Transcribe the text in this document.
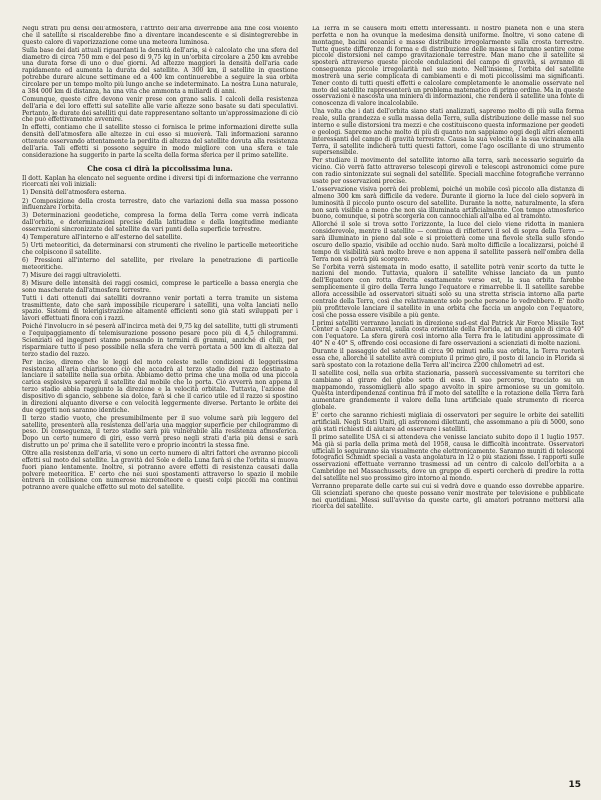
Negli strati più densi dell'atmosfera, l'attrito dell'aria diverrebbe alla fine così violento che il satellite si riscalderebbe fino a diventare incandescente e si disintegrerebbe in questo calore di vaporizzazione come una meteora luminosa.

Sulla base dei dati attuali riguardanti la densità dell'aria, si è calcolato che una sfera del diametro di circa 750 mm e del peso di 9,75 kg in un'orbita circolare a 250 km avrebbe una durata forse di uno o due giorni. Ad altezze maggiori la densità dell'aria cade rapidamente ed aumenta la durata del satellite. A 300 km, il satellite in questione potrebbe durare alcune settimane ed a 400 km continuerebbe a seguire la sua orbita circolare per un tempo molto più lungo anche se indeterminato. La nostra Luna naturale, a 384 000 km di distanza, ha una vita che ammonta a miliardi di anni.

Comunque, queste cifre devono venir prese con grano salis. I calcoli della resistenza dell'aria e dei loro effetti sul satellite alle varie altezze sono basate su dati speculativi. Pertanto, le durate dei satelliti qui date rappresentano soltanto un'approssimazione di ciò che può effettivamente avvenire.

In effetti, contiamo che il satellite stesso ci fornisca le prime informazioni dirette sulla densità dell'atmosfera alle altezze in cui esso si muoverà. Tali informazioni saranno ottenute osservando attentamente la perdita di altezza del satellite dovuta alla resistenza dell'aria. Tali effetti si possono seguire in modo migliore con una sfera e tale considerazione ha suggerito in parte la scelta della forma sferica per il primo satellite.

Che cosa ci dirà la piccolissima luna.

Il dott. Kaplan ha elencato nel seguente ordine i diversi tipi di informazione che verranno ricercati nei voli iniziali:

1) Densità dell'atmosfera esterna.
2) Composizione della crosta terrestre, dato che variazioni della sua massa possono influenzare l'orbita.
3) Determinazioni geodetiche, compresa la forma della Terra come verrà indicata dall'orbita, e determinazioni precise della latitudine e della longitudine mediante osservazioni sincronizzate del satellite da vari punti della superficie terrestre.
4) Temperature all'interno e all'esterno del satellite.
5) Urti meteoritici, da determinarsi con strumenti che rivelino le particelle meteoritiche che colpiscono il satellite.
6) Pressioni all'interno del satellite, per rivelare la penetrazione di particelle meteoritiche.
7) Misure dei raggi ultravioletti.
8) Misure delle intensità dei raggi cosmici, comprese le particelle a bassa energia che sono mascherate dall'atmosfera terrestre.

Tutti i dati ottenuti dai satelliti dovranno venir portati a terra tramite un sistema trasmittente, dato che sarà impossibile ricuperare i satelliti, una volta lanciati nello spazio. Sistemi di telerigistrazione altamente efficienti sono già stati sviluppati per i lavori effettuati finora con i razzi.

Poiché l'involucro in sé peserà all'incirca metà dei 9,75 kg del satellite, tutti gli strumenti e l'equipaggiamento di telemisurazione possono pesare poco più di 4,5 chilogrammi. Scienziati ed ingegneri stanno pensando in termini di grammi, anziché di chili, per risparmiare tutto il peso possibile nella sfera che verrà portata a 500 km di altezza dal terzo stadio del razzo.

Per inciso, diremo che le leggi del moto celeste nelle condizioni di leggerissima resistenza all'aria chiariscono ciò che accadrà al terzo stadio del razzo destinato a lanciare il satellite nella sua orbita. Abbiamo detto prima che una molla od una piccola carica esplosiva separerà il satellite dal mobile che lo porta. Ciò avverrà non appena il terzo stadio abbia raggiunto la direzione e la velocità orbitale. Tuttavia, l'azione del dispositivo di sgancio, sebbene sia dolce, farà sì che il carico utile ed il razzo si spostino in direzioni alquanto diverse e con velocità leggermente diverse. Pertanto le orbite dei due oggetti non saranno identiche.

Il terzo stadio vuoto, che presumibilmente per il suo volume sarà più leggero del satellite, presenterà alla resistenza dell'aria una maggior superficie per chilogrammo di peso. Di conseguenza, il terzo stadio sarà più vulnerabile alla resistenza atmosferica. Dopo un certo numero di giri, esso verrà preso negli strati d'aria più densi e sarà distrutto un po' prima che il satellite vero e proprio incontri la stessa fine.

Oltre alla resistenza dell'aria, vi sono un certo numero di altri fattori che avranno piccoli effetti sul moto del satellite. La gravità del Sole e della Luna farà sì che l'orbita si muova fuori piano lentamente. Inoltre, si potranno avere effetti di resistenza causati dalla polvere meteoritica. E' certo che nei suoi spostamenti attraverso lo spazio il mobile entrerà in collisione con numerose micrometeore e questi colpi piccoli ma continui potranno avere qualche effetto sul moto del satellite.

La Terra in sé causerà molti effetti interessanti. Il nostro pianeta non è una sfera perfetta e non ha ovunque la medesima densità uniforme. Inoltre, vi sono catene di montagne, bacini oceanici e masse distribuite irregolarmente sulla crosta terrestre. Tutte queste differenze di forma e di distribuzione delle masse si faranno sentire come piccole distorsioni nel campo gravitazionale terrestre. Man mano che il satellite si sposterà attraverso queste piccole ondulazioni del campo di gravità, si avranno di conseguenza piccole irregolarità nel suo moto. Nell'insieme, l'orbita del satellite mostrerà una serie complicata di cambiamenti e di moti piccolissimi ma significanti. Tener conto di tutti questi effetti e calcolare completamente le anomalie osservate nel moto del satellite rappresenterà un problema matematico di primo ordine. Ma in queste osservazioni è nascosta una miniera di informazioni, che renderà il satellite una fonte di conoscenza di valore incalcolabile.

Una volta che i dati dell'orbita siano stati analizzati, sapremo molto di più sulla forma reale, sulla grandezza e sulla massa della Terra, sulla distribuzione delle masse nel suo interno e sulle distorsioni tra mezzi e che costituiscono questa informazione per geodeti e geologi. Sapremo anche molto di più di quanto non sappiamo oggi degli altri elementi interessanti del campo di gravità terrestre. Causa la sua velocità e la sua vicinanza alla Terra, il satellite indicherà tutti questi fattori, come l'ago oscillante di uno strumento supersensibile.

Per studiare il movimento del satellite intorno alla terra, sarà necessario seguirlo da vicino. Ciò verrà fatto attraverso telescopi girevoli e telescopi astronomici come pure con radio sintonizzate sui segnali del satellite. Speciali macchine fotografiche verranno usate per osservazioni precise.

L'osservazione visiva porrà dei problemi, poiché un mobile così piccolo alla distanza di almeno 300 km sarà difficile da vedere. Durante il giorno la luce del cielo sopverà in luminosità il piccolo punto oscuro del satellite. Durante la notte, naturalmente, la sfera non sarà visibile a meno che non sia illuminata artificialmente. Con tempo atmosferico buono, comunque, si potrà scorgerla con cannocchiali all'alba ed al tramonto.

Allorché il sole si trova sotto l'orizzonte, la luce del cielo viene ridotta in maniera considerevole, mentre il satellite — continua di riflettervi il sol di sopra della Terra — sarà illuminato in pieno dal sole e si proietterà come una fievole stella sullo sfondo oscuro dello spazio, visibile ad occhio nudo. Sarà molto difficile a localizzarsi, poiché il tempo di visibilità sarà molto breve e non appena il satellite passerà nell'ombra della Terra non si potrà più scorgere.

Se l'orbita verrà sistemata in modo esatto, il satellite potrà venir scorto da tutte le nazioni del mondo. Tuttavia, qualora il satellite venisse lanciato da un punto dell'Equatore con rotta diretta esattamente verso est, la sua orbita farebbe semplicemente il giro della Terra lungo l'equatore e rimarrebbe lì. Il satellite sarebbe allora accessibile ad osservatori situati solo su una stretta striscia intorno alla parte centrale della Terra, così che relativamente solo poche persone lo vedrebbero. E' molto più profittevole lanciare il satellite in una orbita che faccia un angolo con l'equatore, così che possa essere visibile a più gente.

I primi satelliti verranno lanciati in direzione sud-est dal Patrick Air Force Missile Test Center a Capo Canaveral, sulla costa orientale della Florida, ad un angolo di circa 40° con l'equatore. La sfera girerà così intorno alla Terra fra le latitudini approssimate di 40° N e 40° S, offrendo così occasione di fare osservazioni a scienziati di molte nazioni.

Durante il passaggio del satellite di circa 90 minuti nella sua orbita, la Terra ruoterà essa che, allorché il satellite avrà compiuto il primo giro, il posto di lancio in Florida si sarà spostato con la rotazione della Terra all'incirca 2200 chilometri ad est.

Il satellite così, nella sua orbita stazionaria, passerà successivamente su territori che cambiano al girare del globo sotto di esso. Il suo percorso, tracciato su un mappamondo, rassomiglierà allo spago avvolto in spire armoniose su un gomitolo. Questa interdipendenza continua fra il moto del satellite e la rotazione della Terra farà aumentare grandemente il valore della luna artificiale quale strumento di ricerca globale.

E' certo che saranno richiesti migliaia di osservatori per seguire le orbite dei satelliti artificiali. Negli Stati Uniti, gli astronomi dilettanti, che assommano a più di 5000, sono già stati richiesti di aiutare ad osservare i satelliti.

Il primo satellite USA ci si attendeva che venisse lanciato subito dopo il 1 luglio 1957. Ma già si parla della prima metà del 1958, causa le difficoltà incontrate. Osservatori ufficiali lo seguiranno sia visualmente che elettronicamente. Saranno muniti di telescopi fotografici Schmidt speciali a vasta angolatura in 12 o più stazioni fisse. I rapporti sulle osservazioni effettuate verranno trasmessi ad un centro di calcolo dell'orbita a a Cambridge nel Massachussets, dove un gruppo di esperti cercherà di predire la rotta del satellite nel suo prossimo giro intorno al mondo.

Verranno preparate delle carte sui cui si vedrà dove e quando esso dovrebbe apparire. Gli scienziati sperano che queste possano venir mostrate per televisione e pubblicate nei quotidiani. Messi sull'avviso da queste carte, gli amatori potranno mettersi alla ricerca del satellite.

15
